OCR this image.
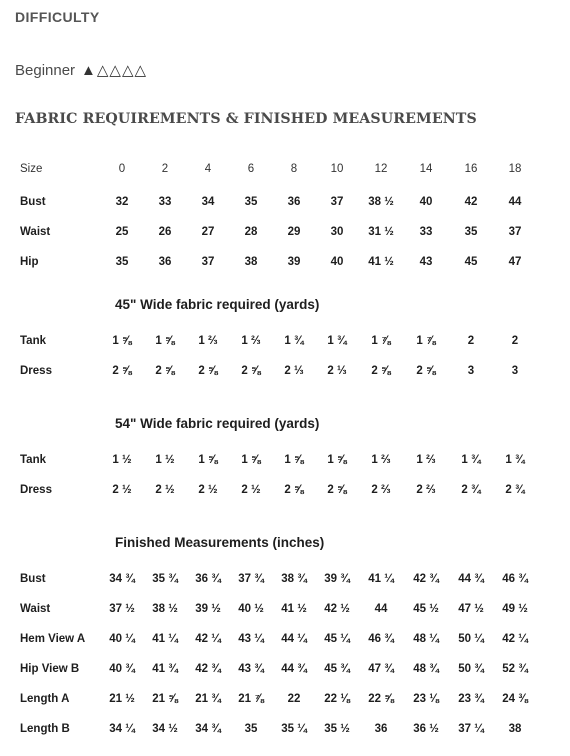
DIFFICULTY
Beginner ▲△△△△
FABRIC REQUIREMENTS & FINISHED MEASUREMENTS
Size	0	2	4	6	8	10	12	14	16	18
Bust	32	33	34	35	36	37	38 ½	40	42	44
Waist	25	26	27	28	29	30	31 ½	33	35	37
Hip	35	36	37	38	39	40	41 ½	43	45	47
45" Wide fabric required (yards)
Tank	1 ⅝	1 ⅝	1 ⅔	1 ⅔	1 ¾	1 ¾	1 ⅞	1 ⅞	2	2
Dress	2 ⅝	2 ⅝	2 ⅝	2 ⅝	2 ⅓	2 ⅓	2 ⅝	2 ⅝	3	3
54" Wide fabric required (yards)
Tank	1 ½	1 ½	1 ⅝	1 ⅝	1 ⅝	1 ⅝	1 ⅔	1 ⅔	1 ¾	1 ¾
Dress	2 ½	2 ½	2 ½	2 ½	2 ⅝	2 ⅝	2 ⅔	2 ⅔	2 ¾	2 ¾
Finished Measurements (inches)
Bust	34 ¾	35 ¾	36 ¾	37 ¾	38 ¾	39 ¾	41 ¼	42 ¾	44 ¾	46 ¾
Waist	37 ½	38 ½	39 ½	40 ½	41 ½	42 ½	44	45 ½	47 ½	49 ½
Hem View A	40 ¼	41 ¼	42 ¼	43 ¼	44 ¼	45 ¼	46 ¾	48 ¼	50 ¼	42 ¼
Hip View B	40 ¾	41 ¾	42 ¾	43 ¾	44 ¾	45 ¾	47 ¾	48 ¾	50 ¾	52 ¾
Length A	21 ½	21 ⅝	21 ¾	21 ⅞	22	22 ⅛	22 ⅝	23 ⅛	23 ¾	24 ⅜
Length B	34 ¼	34 ½	34 ¾	35	35 ¼	35 ½	36	36 ½	37 ¼	38
